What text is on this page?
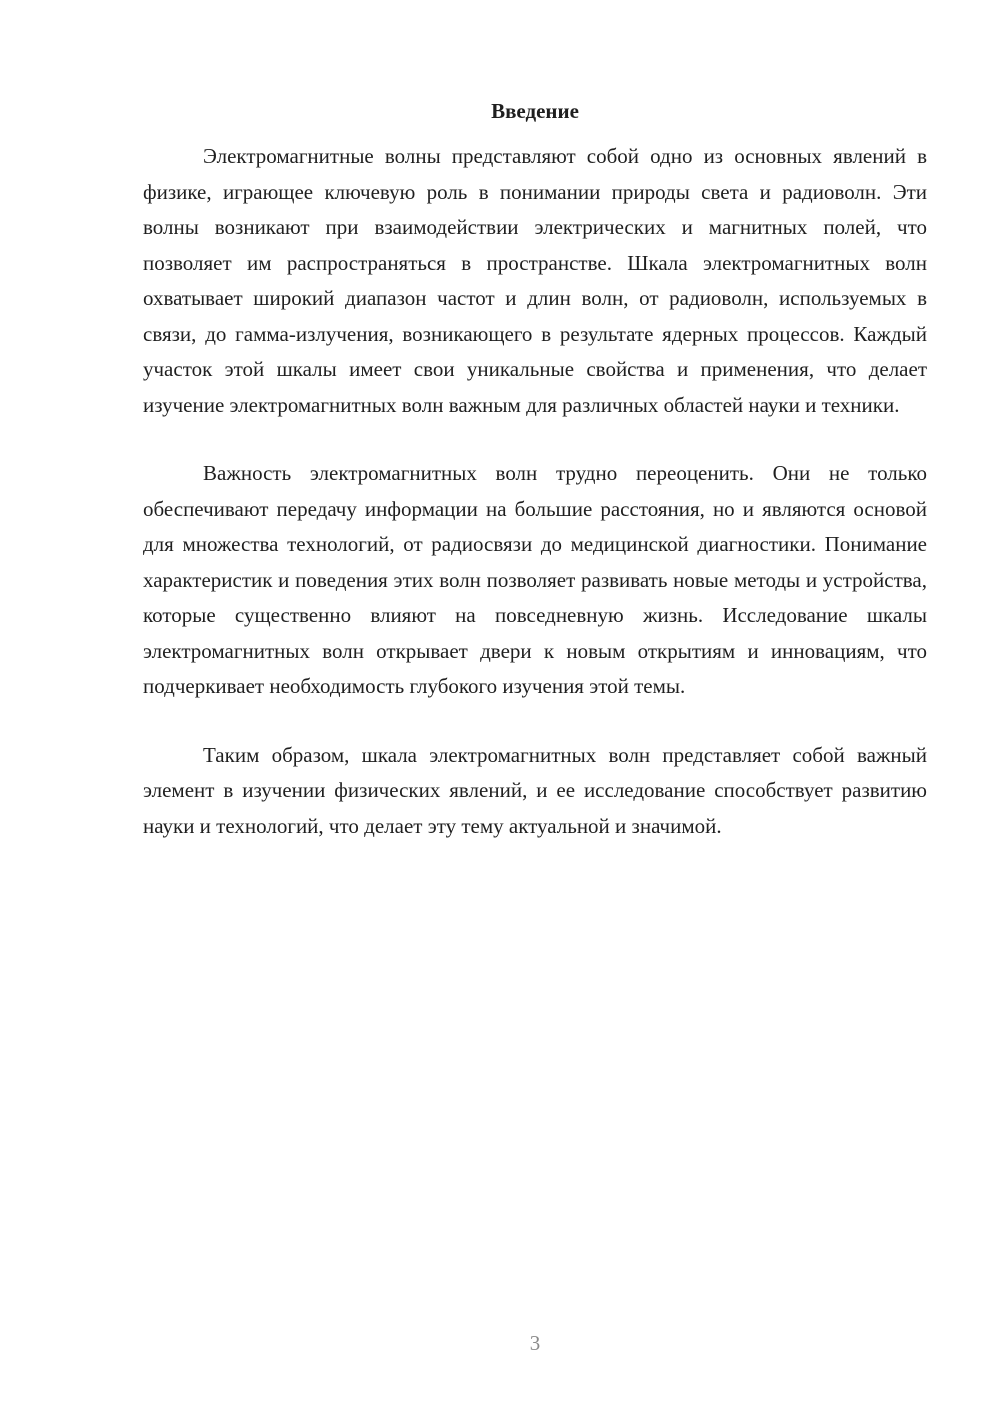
Введение

Электромагнитные волны представляют собой одно из основных явлений в физике, играющее ключевую роль в понимании природы света и радиоволн. Эти волны возникают при взаимодействии электрических и магнитных полей, что позволяет им распространяться в пространстве. Шкала электромагнитных волн охватывает широкий диапазон частот и длин волн, от радиоволн, используемых в связи, до гамма-излучения, возникающего в результате ядерных процессов. Каждый участок этой шкалы имеет свои уникальные свойства и применения, что делает изучение электромагнитных волн важным для различных областей науки и техники.

Важность электромагнитных волн трудно переоценить. Они не только обеспечивают передачу информации на большие расстояния, но и являются основой для множества технологий, от радиосвязи до медицинской диагностики. Понимание характеристик и поведения этих волн позволяет развивать новые методы и устройства, которые существенно влияют на повседневную жизнь. Исследование шкалы электромагнитных волн открывает двери к новым открытиям и инновациям, что подчеркивает необходимость глубокого изучения этой темы.

Таким образом, шкала электромагнитных волн представляет собой важный элемент в изучении физических явлений, и ее исследование способствует развитию науки и технологий, что делает эту тему актуальной и значимой.

3
